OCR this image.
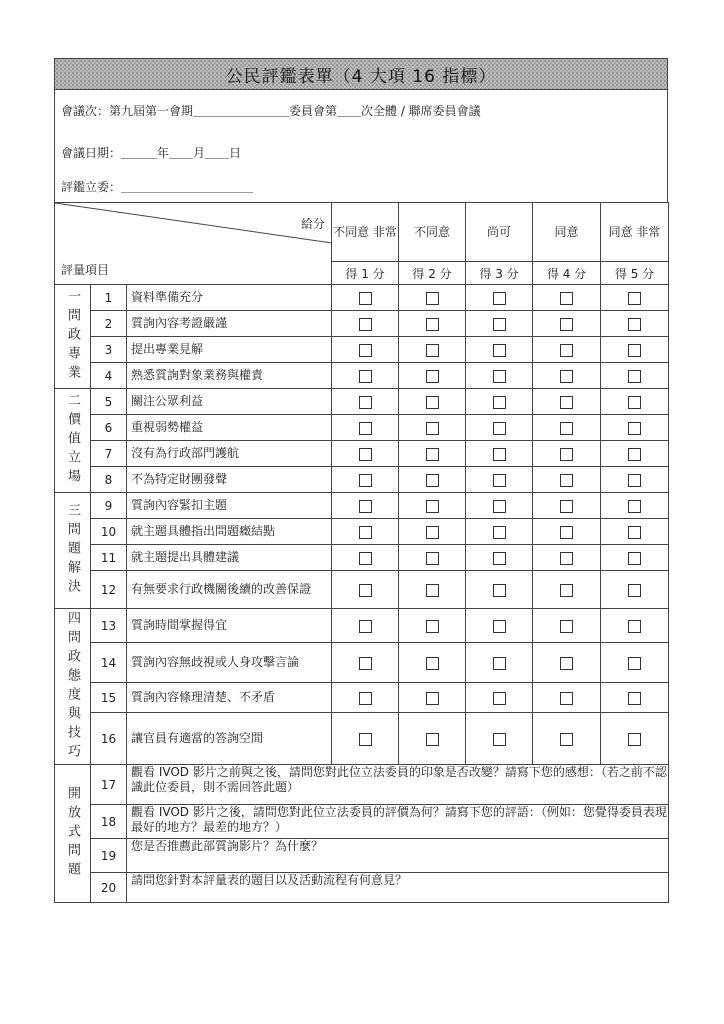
公民評鑑表單（4 大項 16 指標）
會議次：第九屆第一會期＿＿＿＿＿＿＿＿委員會第＿＿次全體 / 聯席委員會議
會議日期：＿＿＿年＿＿月＿＿日
評鑑立委：＿＿＿＿＿＿＿＿＿＿＿
給分
評量項目			不同意 非常	不同意	尚可	同意	同意 非常
			得 1 分	得 2 分	得 3 分	得 4 分	得 5 分
一問政專業	1	資料準備充分					
	2	質詢內容考證嚴謹					
	3	提出專業見解					
	4	熟悉質詢對象業務與權責					
二價值立場	5	關注公眾利益					
	6	重視弱勢權益					
	7	沒有為行政部門護航					
	8	不為特定財團發聲					
三問題解決	9	質詢內容緊扣主題					
	10	就主題具體指出問題癥結點					
	11	就主題提出具體建議					
	12	有無要求行政機關後續的改善保證					
四問政態度與技巧	13	質詢時間掌握得宜					
	14	質詢內容無歧視或人身攻擊言論					
	15	質詢內容條理清楚、不矛盾					
	16	讓官員有適當的答詢空間					
開放式問題	17	觀看 IVOD 影片之前與之後，請問您對此位立法委員的印象是否改變？請寫下您的感想：（若之前不認識此位委員，則不需回答此題）					
	18	觀看 IVOD 影片之後，請問您對此位立法委員的評價為何？請寫下您的評語：（例如：您覺得委員表現最好的地方？最差的地方？）					
	19	您是否推薦此部質詢影片？為什麼？					
	20	請問您針對本評量表的題目以及活動流程有何意見？					
